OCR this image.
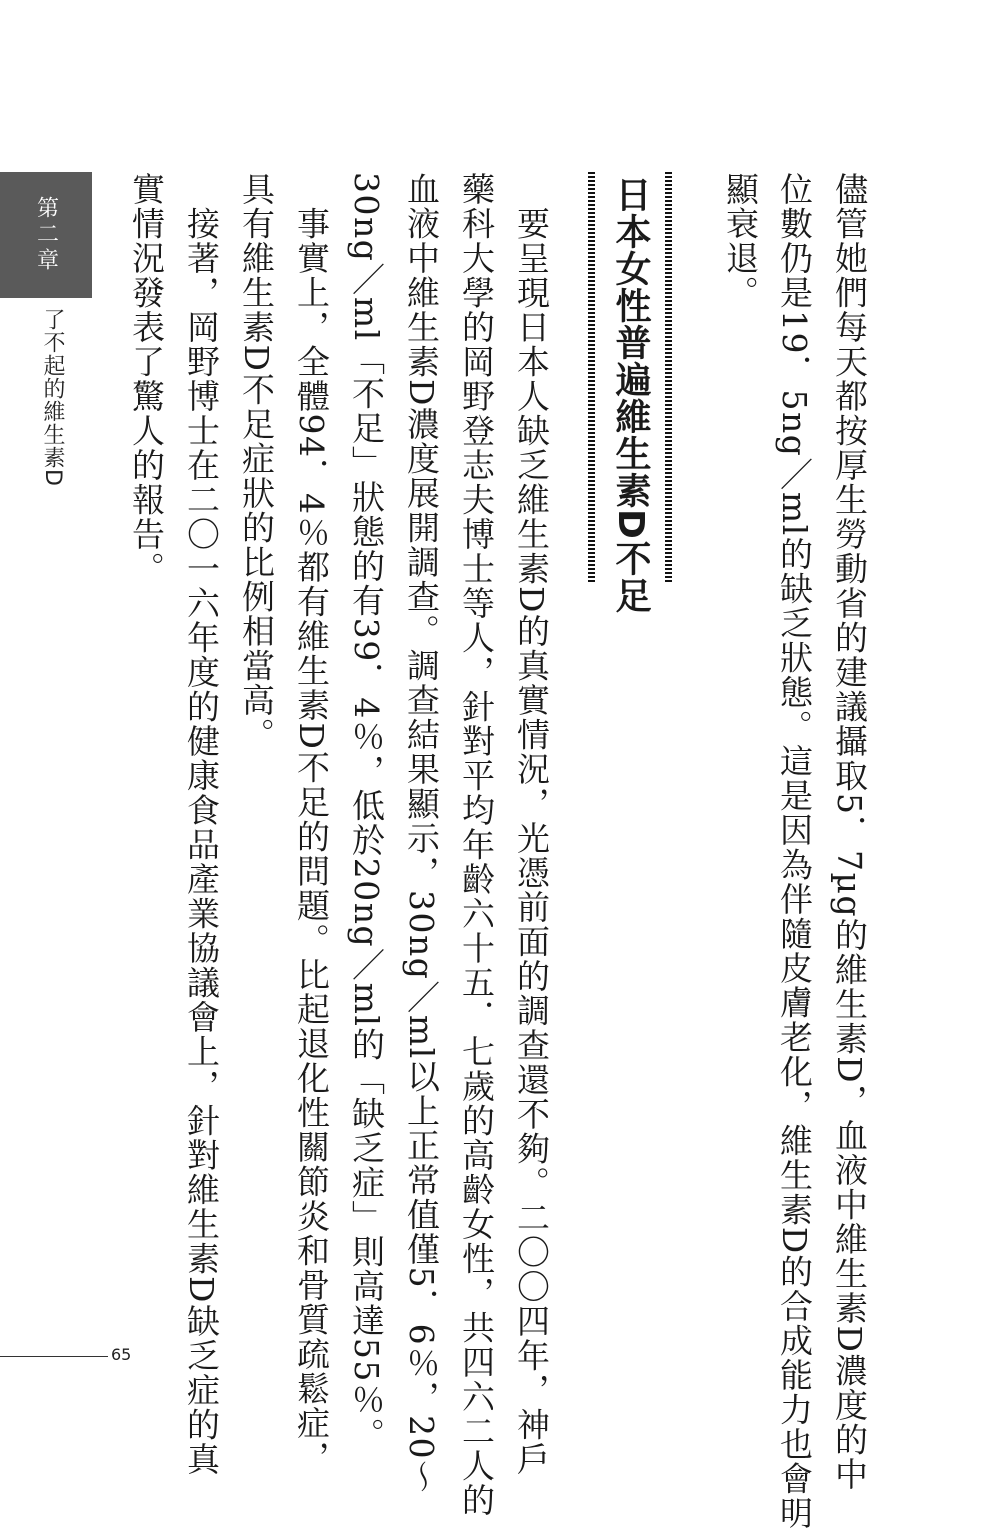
第二章
了不起的維生素D	儘管她們每天都按厚生勞動省的建議攝取5．7µg的維生素D，血液中維生素D濃度的中
位數仍是19．5ng／ml的缺乏狀態。這是因為伴隨皮膚老化，維生素D的合成能力也會明
顯衰退。
日本女性普遍維生素D不足
　要呈現日本人缺乏維生素D的真實情況，光憑前面的調查還不夠。二〇〇四年，神戶
藥科大學的岡野登志夫博士等人，針對平均年齡六十五．七歲的高齡女性，共四六二人的
血液中維生素D濃度展開調查。調查結果顯示，30ng／ml以上正常值僅5．6％，20～
30ng／ml「不足」狀態的有39．4％，低於20ng／ml的「缺乏症」則高達55％。
　事實上，全體94．4％都有維生素D不足的問題。比起退化性關節炎和骨質疏鬆症，
具有維生素D不足症狀的比例相當高。
　接著，岡野博士在二〇一六年度的健康食品產業協議會上，針對維生素D缺乏症的真
實情況發表了驚人的報告。
65
